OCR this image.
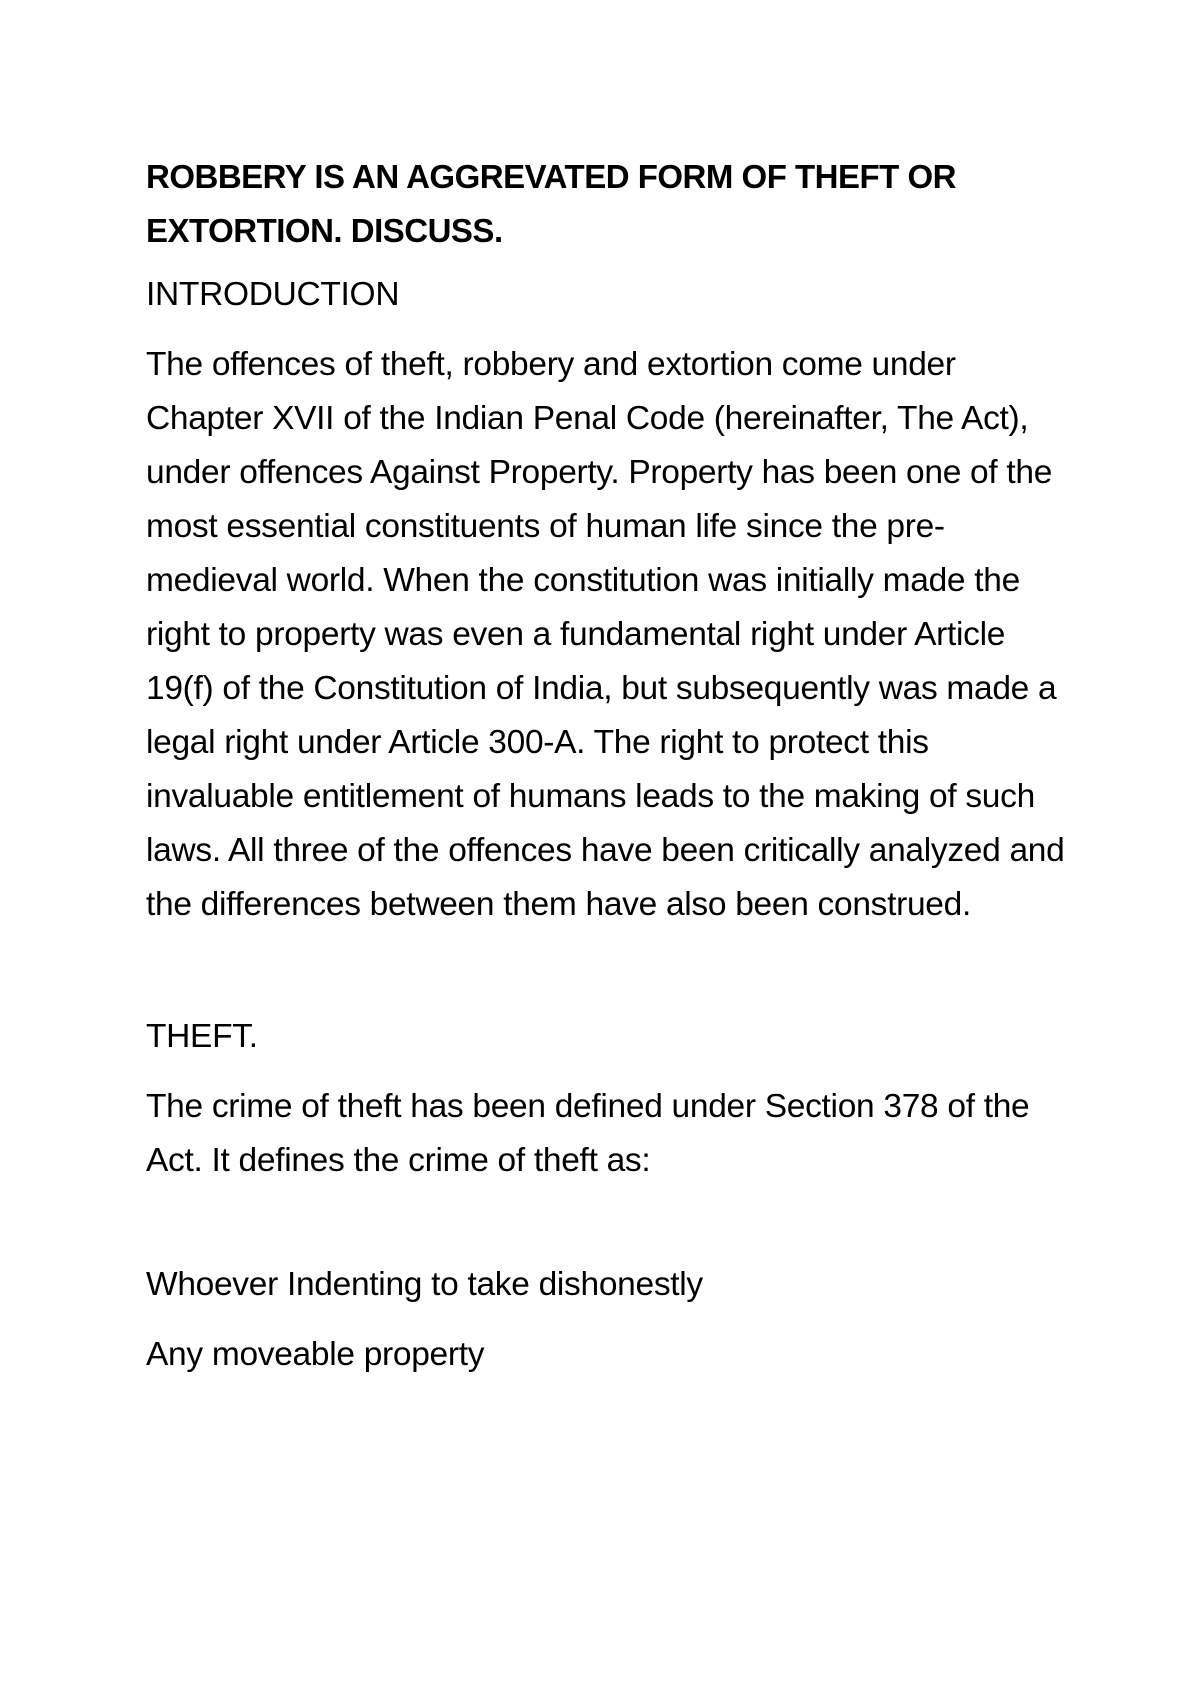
ROBBERY IS AN AGGREVATED FORM OF THEFT OR EXTORTION. DISCUSS.

INTRODUCTION

The offences of theft, robbery and extortion come under Chapter XVII of the Indian Penal Code (hereinafter, The Act), under offences Against Property. Property has been one of the most essential constituents of human life since the pre-medieval world. When the constitution was initially made the right to property was even a fundamental right under Article 19(f) of the Constitution of India, but subsequently was made a legal right under Article 300-A. The right to protect this invaluable entitlement of humans leads to the making of such laws. All three of the offences have been critically analyzed and the differences between them have also been construed.

THEFT.

The crime of theft has been defined under Section 378 of the Act. It defines the crime of theft as:

Whoever Indenting to take dishonestly

Any moveable property
